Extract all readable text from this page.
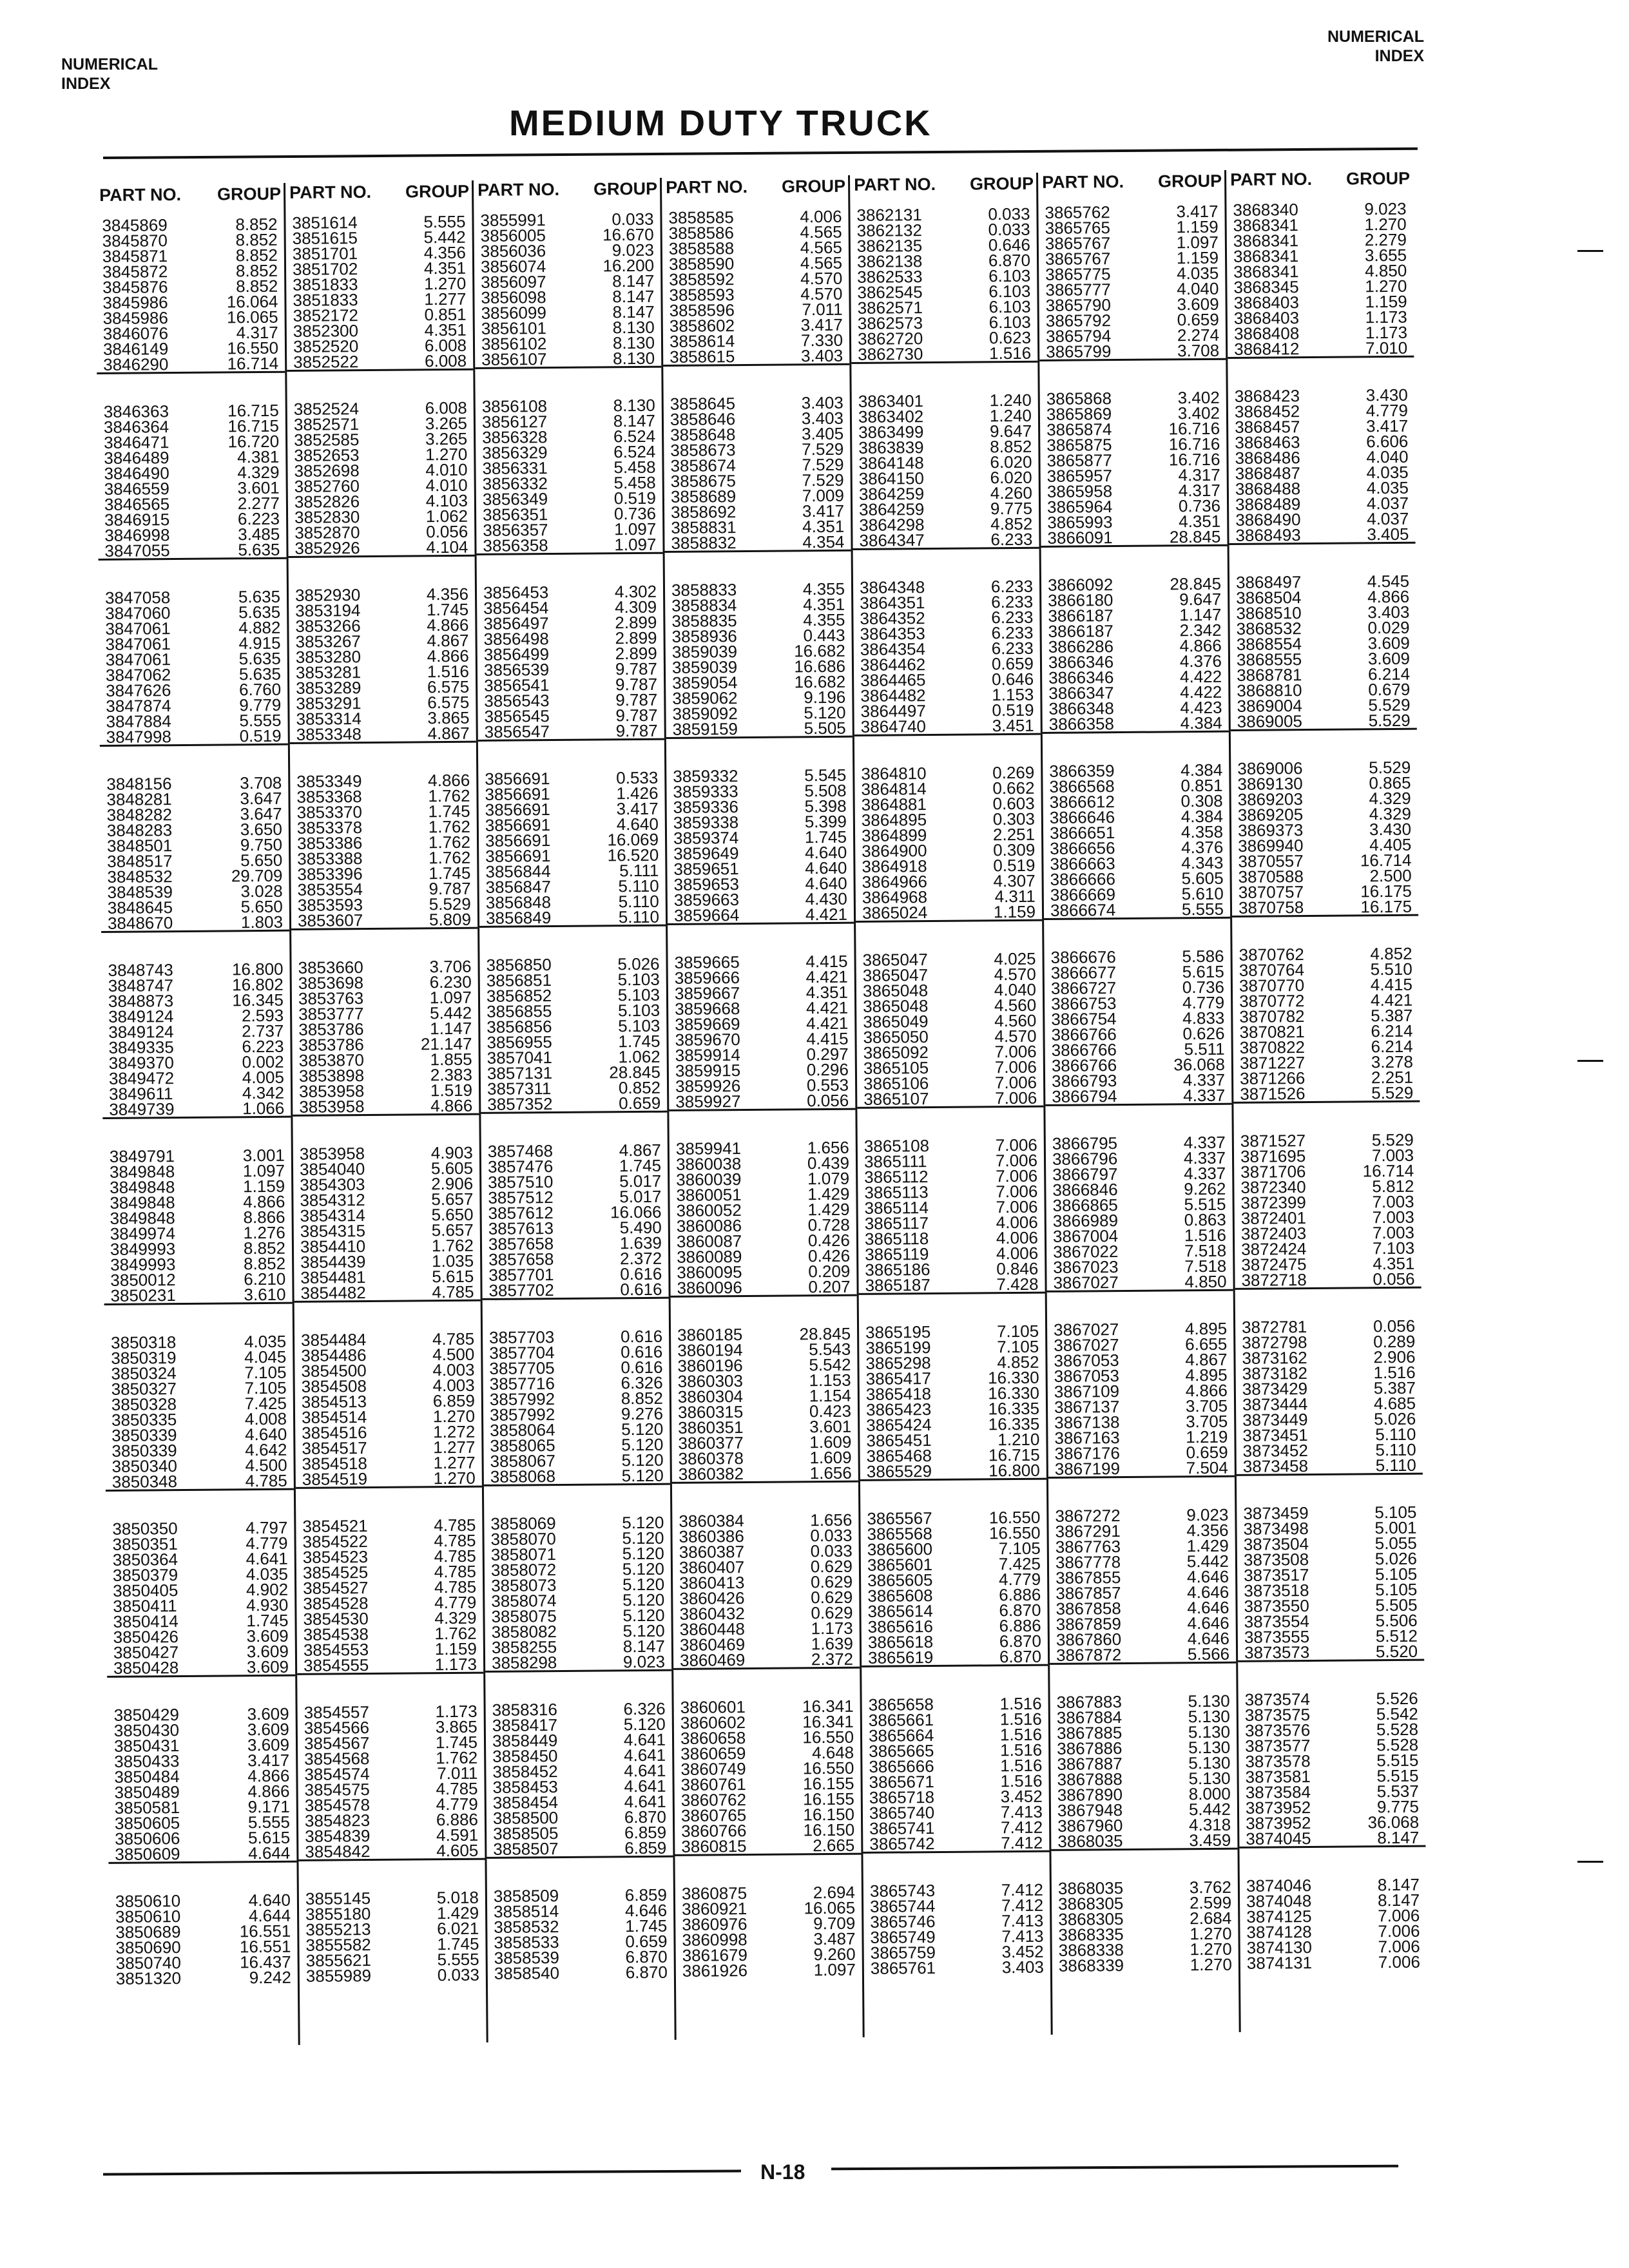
NUMERICAL
INDEX
NUMERICAL
INDEX
MEDIUM DUTY TRUCK
PART NO. GROUP
3845869	8.852
3845870	8.852
3845871	8.852
3845872	8.852
3845876	8.852
3845986	16.064
3845986	16.065
3846076	4.317
3846149	16.550
3846290	16.714
3846363	16.715
3846364	16.715
3846471	16.720
3846489	4.381
3846490	4.329
3846559	3.601
3846565	2.277
3846915	6.223
3846998	3.485
3847055	5.635
3847058	5.635
3847060	5.635
3847061	4.882
3847061	4.915
3847061	5.635
3847062	5.635
3847626	6.760
3847874	9.779
3847884	5.555
3847998	0.519
3848156	3.708
3848281	3.647
3848282	3.647
3848283	3.650
3848501	9.750
3848517	5.650
3848532	29.709
3848539	3.028
3848645	5.650
3848670	1.803
3848743	16.800
3848747	16.802
3848873	16.345
3849124	2.593
3849124	2.737
3849335	6.223
3849370	0.002
3849472	4.005
3849611	4.342
3849739	1.066
3849791	3.001
3849848	1.097
3849848	1.159
3849848	4.866
3849848	8.866
3849974	1.276
3849993	8.852
3849993	8.852
3850012	6.210
3850231	3.610
3850318	4.035
3850319	4.045
3850324	7.105
3850327	7.105
3850328	7.425
3850335	4.008
3850339	4.640
3850339	4.642
3850340	4.500
3850348	4.785
3850350	4.797
3850351	4.779
3850364	4.641
3850379	4.035
3850405	4.902
3850411	4.930
3850414	1.745
3850426	3.609
3850427	3.609
3850428	3.609
3850429	3.609
3850430	3.609
3850431	3.609
3850433	3.417
3850484	4.866
3850489	4.866
3850581	9.171
3850605	5.555
3850606	5.615
3850609	4.644
3850610	4.640
3850610	4.644
3850689	16.551
3850690	16.551
3850740	16.437
3851320	9.242
PART NO. GROUP
3851614	5.555
3851615	5.442
3851701	4.356
3851702	4.351
3851833	1.270
3851833	1.277
3852172	0.851
3852300	4.351
3852520	6.008
3852522	6.008
3852524	6.008
3852571	3.265
3852585	3.265
3852653	1.270
3852698	4.010
3852760	4.010
3852826	4.103
3852830	1.062
3852870	0.056
3852926	4.104
3852930	4.356
3853194	1.745
3853266	4.866
3853267	4.867
3853280	4.866
3853281	1.516
3853289	6.575
3853291	6.575
3853314	3.865
3853348	4.867
3853349	4.866
3853368	1.762
3853370	1.745
3853378	1.762
3853386	1.762
3853388	1.762
3853396	1.745
3853554	9.787
3853593	5.529
3853607	5.809
3853660	3.706
3853698	6.230
3853763	1.097
3853777	5.442
3853786	1.147
3853786	21.147
3853870	1.855
3853898	2.383
3853958	1.519
3853958	4.866
3853958	4.903
3854040	5.605
3854303	2.906
3854312	5.657
3854314	5.650
3854315	5.657
3854410	1.762
3854439	1.035
3854481	5.615
3854482	4.785
3854484	4.785
3854486	4.500
3854500	4.003
3854508	4.003
3854513	6.859
3854514	1.270
3854516	1.272
3854517	1.277
3854518	1.277
3854519	1.270
3854521	4.785
3854522	4.785
3854523	4.785
3854525	4.785
3854527	4.785
3854528	4.779
3854530	4.329
3854538	1.762
3854553	1.159
3854555	1.173
3854557	1.173
3854566	3.865
3854567	1.745
3854568	1.762
3854574	7.011
3854575	4.785
3854578	4.779
3854823	6.886
3854839	4.591
3854842	4.605
3855145	5.018
3855180	1.429
3855213	6.021
3855582	1.745
3855621	5.555
3855989	0.033
PART NO. GROUP
3855991	0.033
3856005	16.670
3856036	9.023
3856074	16.200
3856097	8.147
3856098	8.147
3856099	8.147
3856101	8.130
3856102	8.130
3856107	8.130
3856108	8.130
3856127	8.147
3856328	6.524
3856329	6.524
3856331	5.458
3856332	5.458
3856349	0.519
3856351	0.736
3856357	1.097
3856358	1.097
3856453	4.302
3856454	4.309
3856497	2.899
3856498	2.899
3856499	2.899
3856539	9.787
3856541	9.787
3856543	9.787
3856545	9.787
3856547	9.787
3856691	0.533
3856691	1.426
3856691	3.417
3856691	4.640
3856691	16.069
3856691	16.520
3856844	5.111
3856847	5.110
3856848	5.110
3856849	5.110
3856850	5.026
3856851	5.103
3856852	5.103
3856855	5.103
3856856	5.103
3856955	1.745
3857041	1.062
3857131	28.845
3857311	0.852
3857352	0.659
3857468	4.867
3857476	1.745
3857510	5.017
3857512	5.017
3857612	16.066
3857613	5.490
3857658	1.639
3857658	2.372
3857701	0.616
3857702	0.616
3857703	0.616
3857704	0.616
3857705	0.616
3857716	6.326
3857992	8.852
3857992	9.276
3858064	5.120
3858065	5.120
3858067	5.120
3858068	5.120
3858069	5.120
3858070	5.120
3858071	5.120
3858072	5.120
3858073	5.120
3858074	5.120
3858075	5.120
3858082	5.120
3858255	8.147
3858298	9.023
3858316	6.326
3858417	5.120
3858449	4.641
3858450	4.641
3858452	4.641
3858453	4.641
3858454	4.641
3858500	6.870
3858505	6.859
3858507	6.859
3858509	6.859
3858514	4.646
3858532	1.745
3858533	0.659
3858539	6.870
3858540	6.870
PART NO. GROUP
3858585	4.006
3858586	4.565
3858588	4.565
3858590	4.565
3858592	4.570
3858593	4.570
3858596	7.011
3858602	3.417
3858614	7.330
3858615	3.403
3858645	3.403
3858646	3.403
3858648	3.405
3858673	7.529
3858674	7.529
3858675	7.529
3858689	7.009
3858692	3.417
3858831	4.351
3858832	4.354
3858833	4.355
3858834	4.351
3858835	4.355
3858936	0.443
3859039	16.682
3859039	16.686
3859054	16.682
3859062	9.196
3859092	5.120
3859159	5.505
3859332	5.545
3859333	5.508
3859336	5.398
3859338	5.399
3859374	1.745
3859649	4.640
3859651	4.640
3859653	4.640
3859663	4.430
3859664	4.421
3859665	4.415
3859666	4.421
3859667	4.351
3859668	4.421
3859669	4.421
3859670	4.415
3859914	0.297
3859915	0.296
3859926	0.553
3859927	0.056
3859941	1.656
3860038	0.439
3860039	1.079
3860051	1.429
3860052	1.429
3860086	0.728
3860087	0.426
3860089	0.426
3860095	0.209
3860096	0.207
3860185	28.845
3860194	5.543
3860196	5.542
3860303	1.153
3860304	1.154
3860315	0.423
3860351	3.601
3860377	1.609
3860378	1.609
3860382	1.656
3860384	1.656
3860386	0.033
3860387	0.033
3860407	0.629
3860413	0.629
3860426	0.629
3860432	0.629
3860448	1.173
3860469	1.639
3860469	2.372
3860601	16.341
3860602	16.341
3860658	16.550
3860659	4.648
3860749	16.550
3860761	16.155
3860762	16.155
3860765	16.150
3860766	16.150
3860815	2.665
3860875	2.694
3860921	16.065
3860976	9.709
3860998	3.487
3861679	9.260
3861926	1.097
PART NO. GROUP
3862131	0.033
3862132	0.033
3862135	0.646
3862138	6.870
3862533	6.103
3862545	6.103
3862571	6.103
3862573	6.103
3862720	0.623
3862730	1.516
3863401	1.240
3863402	1.240
3863499	9.647
3863839	8.852
3864148	6.020
3864150	6.020
3864259	4.260
3864259	9.775
3864298	4.852
3864347	6.233
3864348	6.233
3864351	6.233
3864352	6.233
3864353	6.233
3864354	6.233
3864462	0.659
3864465	0.646
3864482	1.153
3864497	0.519
3864740	3.451
3864810	0.269
3864814	0.662
3864881	0.603
3864895	0.303
3864899	2.251
3864900	0.309
3864918	0.519
3864966	4.307
3864968	4.311
3865024	1.159
3865047	4.025
3865047	4.570
3865048	4.040
3865048	4.560
3865049	4.560
3865050	4.570
3865092	7.006
3865105	7.006
3865106	7.006
3865107	7.006
3865108	7.006
3865111	7.006
3865112	7.006
3865113	7.006
3865114	7.006
3865117	4.006
3865118	4.006
3865119	4.006
3865186	0.846
3865187	7.428
3865195	7.105
3865199	7.105
3865298	4.852
3865417	16.330
3865418	16.330
3865423	16.335
3865424	16.335
3865451	1.210
3865468	16.715
3865529	16.800
3865567	16.550
3865568	16.550
3865600	7.105
3865601	7.425
3865605	4.779
3865608	6.886
3865614	6.870
3865616	6.886
3865618	6.870
3865619	6.870
3865658	1.516
3865661	1.516
3865664	1.516
3865665	1.516
3865666	1.516
3865671	1.516
3865718	3.452
3865740	7.413
3865741	7.412
3865742	7.412
3865743	7.412
3865744	7.412
3865746	7.413
3865749	7.413
3865759	3.452
3865761	3.403
PART NO. GROUP
3865762	3.417
3865765	1.159
3865767	1.097
3865767	1.159
3865775	4.035
3865777	4.040
3865790	3.609
3865792	0.659
3865794	2.274
3865799	3.708
3865868	3.402
3865869	3.402
3865874	16.716
3865875	16.716
3865877	16.716
3865957	4.317
3865958	4.317
3865964	0.736
3865993	4.351
3866091	28.845
3866092	28.845
3866180	9.647
3866187	1.147
3866187	2.342
3866286	4.866
3866346	4.376
3866346	4.422
3866347	4.422
3866348	4.423
3866358	4.384
3866359	4.384
3866568	0.851
3866612	0.308
3866646	4.384
3866651	4.358
3866656	4.376
3866663	4.343
3866666	5.605
3866669	5.610
3866674	5.555
3866676	5.586
3866677	5.615
3866727	0.736
3866753	4.779
3866754	4.833
3866766	0.626
3866766	5.511
3866766	36.068
3866793	4.337
3866794	4.337
3866795	4.337
3866796	4.337
3866797	4.337
3866846	9.262
3866865	5.515
3866989	0.863
3867004	1.516
3867022	7.518
3867023	7.518
3867027	4.850
3867027	4.895
3867027	6.655
3867053	4.867
3867053	4.895
3867109	4.866
3867137	3.705
3867138	3.705
3867163	1.219
3867176	0.659
3867199	7.504
3867272	9.023
3867291	4.356
3867763	1.429
3867778	5.442
3867855	4.646
3867857	4.646
3867858	4.646
3867859	4.646
3867860	4.646
3867872	5.566
3867883	5.130
3867884	5.130
3867885	5.130
3867886	5.130
3867887	5.130
3867888	5.130
3867890	8.000
3867948	5.442
3867960	4.318
3868035	3.459
3868035	3.762
3868305	2.599
3868305	2.684
3868335	1.270
3868338	1.270
3868339	1.270
PART NO. GROUP
3868340	9.023
3868341	1.270
3868341	2.279
3868341	3.655
3868341	4.850
3868345	1.270
3868403	1.159
3868403	1.173
3868408	1.173
3868412	7.010
3868423	3.430
3868452	4.779
3868457	3.417
3868463	6.606
3868486	4.040
3868487	4.035
3868488	4.035
3868489	4.037
3868490	4.037
3868493	3.405
3868497	4.545
3868504	4.866
3868510	3.403
3868532	0.029
3868554	3.609
3868555	3.609
3868781	6.214
3868810	0.679
3869004	5.529
3869005	5.529
3869006	5.529
3869130	0.865
3869203	4.329
3869205	4.329
3869373	3.430
3869940	4.405
3870557	16.714
3870588	2.500
3870757	16.175
3870758	16.175
3870762	4.852
3870764	5.510
3870770	4.415
3870772	4.421
3870782	5.387
3870821	6.214
3870822	6.214
3871227	3.278
3871266	2.251
3871526	5.529
3871527	5.529
3871695	7.003
3871706	16.714
3872340	5.812
3872399	7.003
3872401	7.003
3872403	7.003
3872424	7.103
3872475	4.351
3872718	0.056
3872781	0.056
3872798	0.289
3873162	2.906
3873182	1.516
3873429	5.387
3873444	4.685
3873449	5.026
3873451	5.110
3873452	5.110
3873458	5.110
3873459	5.105
3873498	5.001
3873504	5.055
3873508	5.026
3873517	5.105
3873518	5.105
3873550	5.505
3873554	5.506
3873555	5.512
3873573	5.520
3873574	5.526
3873575	5.542
3873576	5.528
3873577	5.528
3873578	5.515
3873581	5.515
3873584	5.537
3873952	9.775
3873952	36.068
3874045	8.147
3874046	8.147
3874048	8.147
3874125	7.006
3874128	7.006
3874130	7.006
3874131	7.006
N-18
